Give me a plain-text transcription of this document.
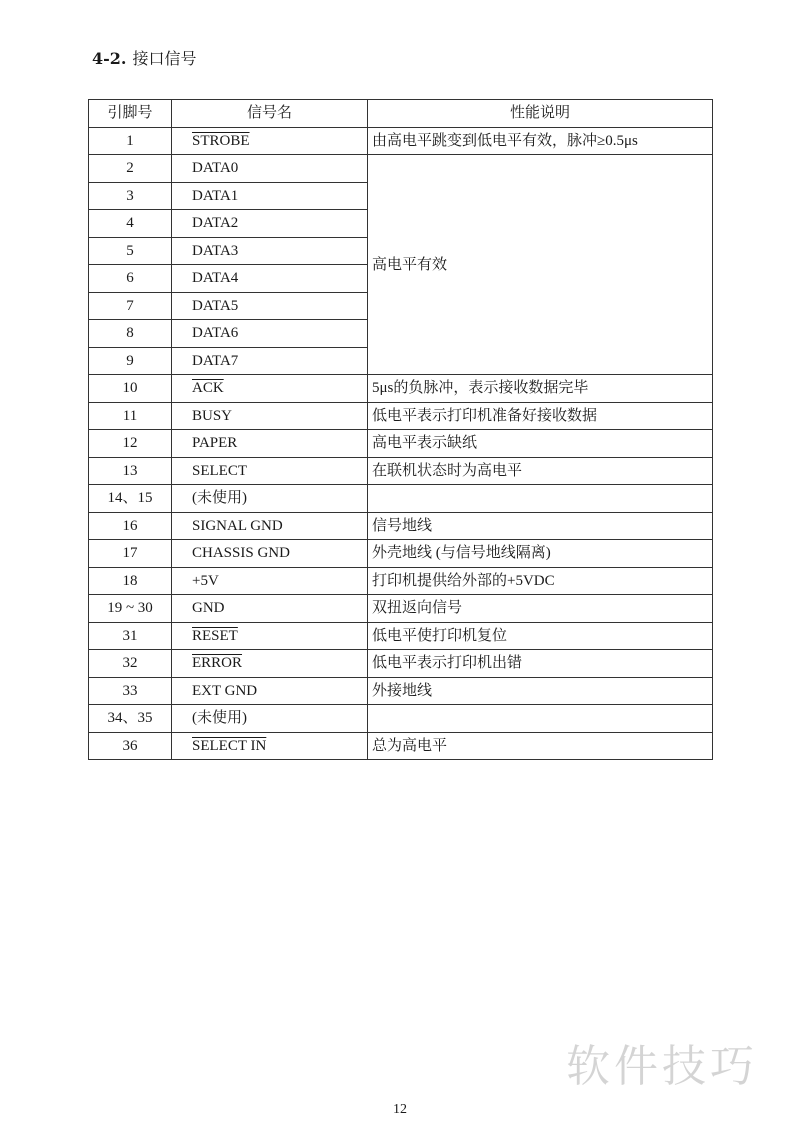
4-2. 接口信号
引脚号	信号名	性能说明
1	STROBE	由高电平跳变到低电平有效，脉冲≥0.5μs
2	DATA0	高电平有效
3	DATA1	
4	DATA2	
5	DATA3	
6	DATA4	
7	DATA5	
8	DATA6	
9	DATA7	
10	$\overline{ACK}$	5μs的负脉冲，表示接收数据完毕
11	BUSY	低电平表示打印机准备好接收数据
12	PAPER	高电平表示缺纸
13	SELECT	在联机状态时为高电平
14、15	(未使用)	
16	SIGNAL GND	信号地线
17	CHASSIS GND	外壳地线 (与信号地线隔离)
18	+5V	打印机提供给外部的+5VDC
19 ~ 30	GND	双扭返向信号
31	RESET	低电平使打印机复位
32	ERROR	低电平表示打印机出错
33	EXT GND	外接地线
34、35	(未使用)	
36	SELECT IN	总为高电平
12
软件技巧
